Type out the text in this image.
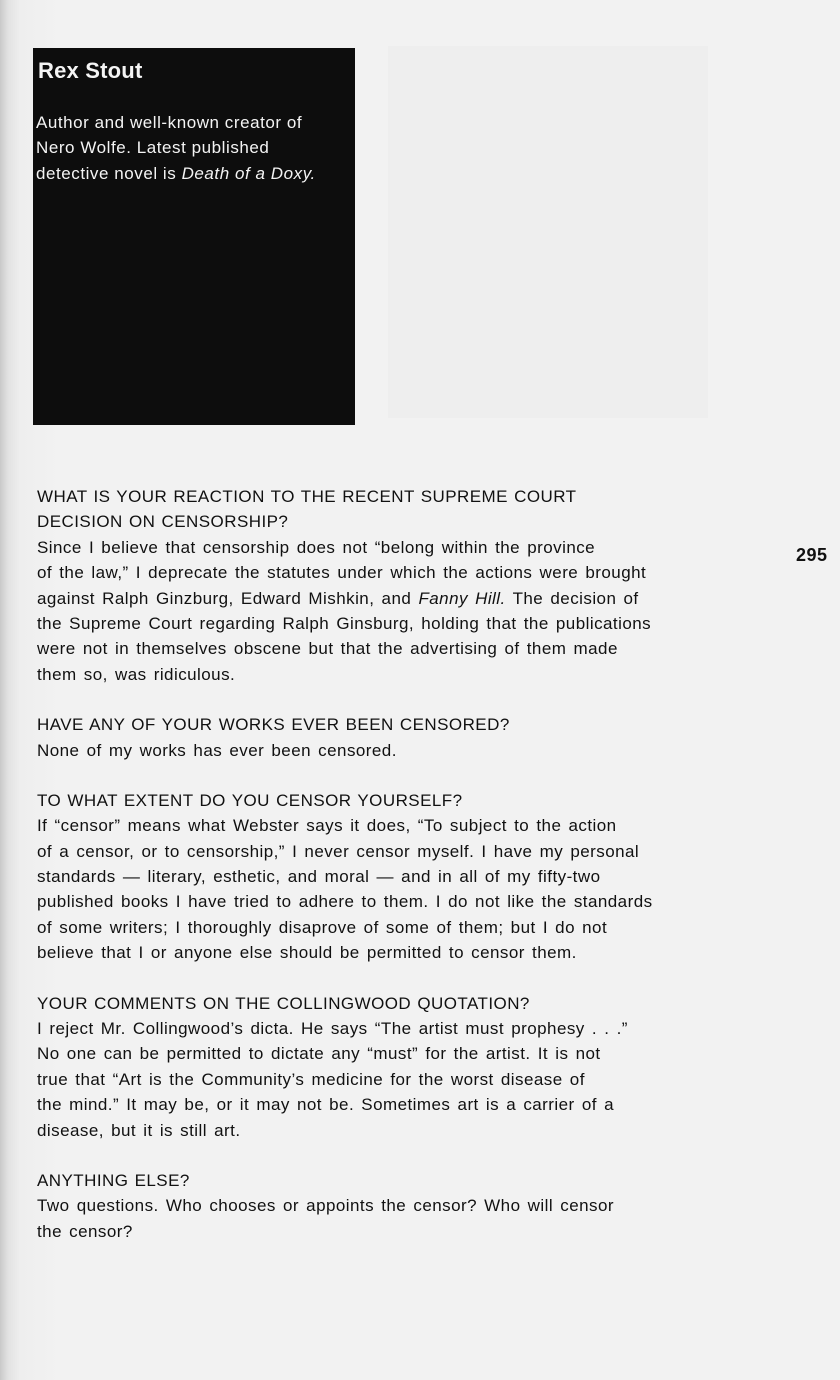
Rex Stout
Author and well-known creator of
Nero Wolfe. Latest published
detective novel is Death of a Doxy.
295
WHAT IS YOUR REACTION TO THE RECENT SUPREME COURT
DECISION ON CENSORSHIP?
Since I believe that censorship does not “belong within the province
of the law,” I deprecate the statutes under which the actions were brought
against Ralph Ginzburg, Edward Mishkin, and Fanny Hill. The decision of
the Supreme Court regarding Ralph Ginsburg, holding that the publications
were not in themselves obscene but that the advertising of them made
them so, was ridiculous.
HAVE ANY OF YOUR WORKS EVER BEEN CENSORED?
None of my works has ever been censored.
TO WHAT EXTENT DO YOU CENSOR YOURSELF?
If “censor” means what Webster says it does, “To subject to the action
of a censor, or to censorship,” I never censor myself. I have my personal
standards — literary, esthetic, and moral — and in all of my fifty-two
published books I have tried to adhere to them. I do not like the standards
of some writers; I thoroughly disaprove of some of them; but I do not
believe that I or anyone else should be permitted to censor them.
YOUR COMMENTS ON THE COLLINGWOOD QUOTATION?
I reject Mr. Collingwood’s dicta. He says “The artist must prophesy . . .”
No one can be permitted to dictate any “must” for the artist. It is not
true that “Art is the Community’s medicine for the worst disease of
the mind.” It may be, or it may not be. Sometimes art is a carrier of a
disease, but it is still art.
ANYTHING ELSE?
Two questions. Who chooses or appoints the censor? Who will censor
the censor?
